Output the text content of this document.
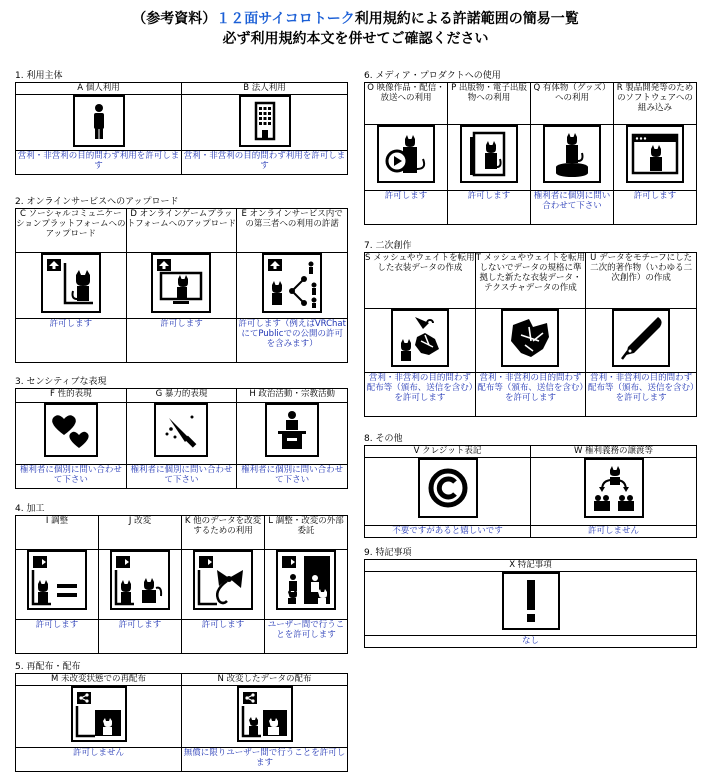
（参考資料）１２面サイコロトーク利用規約による許諾範囲の簡易一覧
必ず利用規約本文を併せてご確認ください
1. 利用主体
A 個人利用	B 法人利用

営利・非営利の目的問わず利用を許可します	営利・非営利の目的問わず利用を許可します
2. オンラインサービスへのアップロード
C ソーシャルコミュニケーションプラットフォームへのアップロード	D オンラインゲームプラットフォームへのアップロード	E オンラインサービス内での第三者への利用の許諾

許可します	許可します	許可します（例えばVRChatにてPublicでの公開の許可を含みます）
3. センシティブな表現
F 性的表現	G 暴力的表現	H 政治活動・宗教活動

権利者に個別に問い合わせて下さい	権利者に個別に問い合わせて下さい	権利者に個別に問い合わせて下さい
4. 加工
I 調整	J 改変	K 他のデータを改変するための利用	L 調整・改変の外部委託

許可します	許可します	許可します	ユーザー間で行うことを許可します
5. 再配布・配布
M 未改変状態での再配布	N 改変したデータの配布

許可しません	無償に限りユーザー間で行うことを許可します
6. メディア・プロダクトへの使用
O 映像作品・配信・放送への利用	P 出版物・電子出版物への利用	Q 有体物（グッズ）への利用	R 製品開発等のためのソフトウェアへの組み込み

許可します	許可します	権利者に個別に問い合わせて下さい	許可します
7. 二次創作
S メッシュやウェイトを転用した衣装データの作成	T メッシュやウェイトを転用しないでデータの規格に準拠した新たな衣装データ・テクスチャデータの作成	U データをモチーフにした二次的著作物（いわゆる二次創作）の作成

営利・非営利の目的問わず配布等（頒布、送信を含む）を許可します	営利・非営利の目的問わず配布等（頒布、送信を含む）を許可します	営利・非営利の目的問わず配布等（頒布、送信を含む）を許可します
8. その他
V クレジット表記	W 権利義務の譲渡等

不要ですがあると嬉しいです	許可しません
9. 特記事項
X 特記事項

なし
